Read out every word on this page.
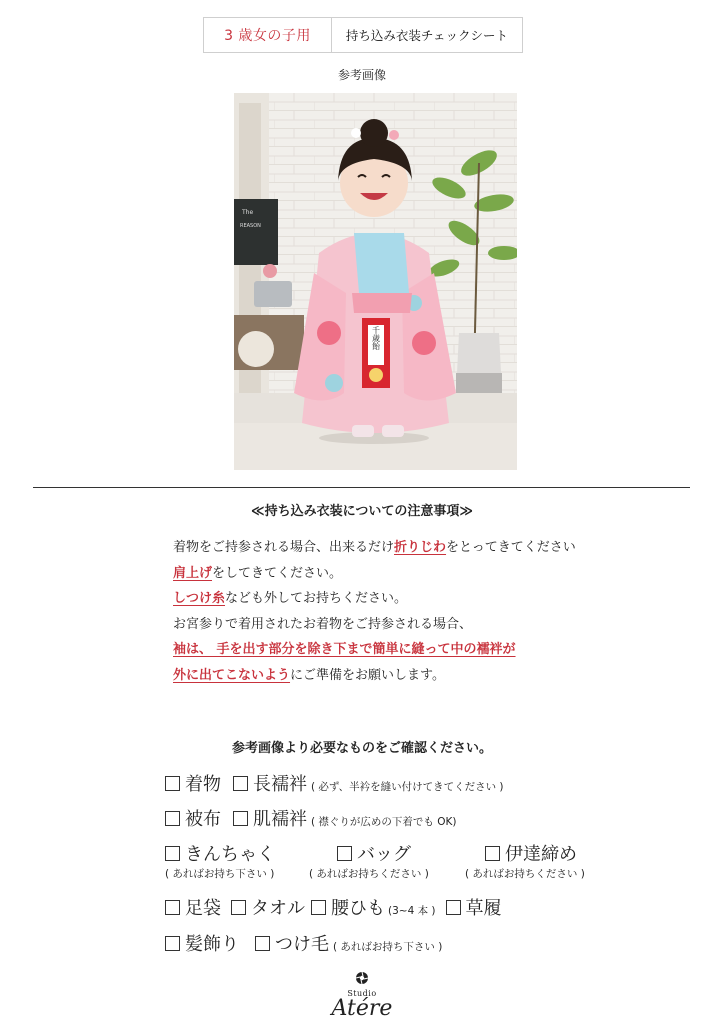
3 歳女の子用	持ち込み衣装チェックシート
参考画像
The
REASON
千歳飴
≪持ち込み衣装についての注意事項≫
着物をご持参される場合、出来るだけ折りじわをとってきてください
肩上げをしてきてください。
しつけ糸なども外してお持ちください。
お宮参りで着用されたお着物をご持参される場合、
袖は、 手を出す部分を除き下まで簡単に縫って中の襦袢が
外に出てこないようにご準備をお願いします。
参考画像より必要なものをご確認ください。
着物 長襦袢 ( 必ず、半衿を縫い付けてきてください )
被布 肌襦袢 ( 襟ぐりが広めの下着でも OK)
きんちゃく	バッグ	伊達締め
( あればお持ち下さい )	( あればお持ちください )	( あればお持ちください )
足袋 タオル 腰ひも (3~4 本 ) 草履
髪飾り つけ毛 ( あればお持ち下さい )
Studio
Atére
